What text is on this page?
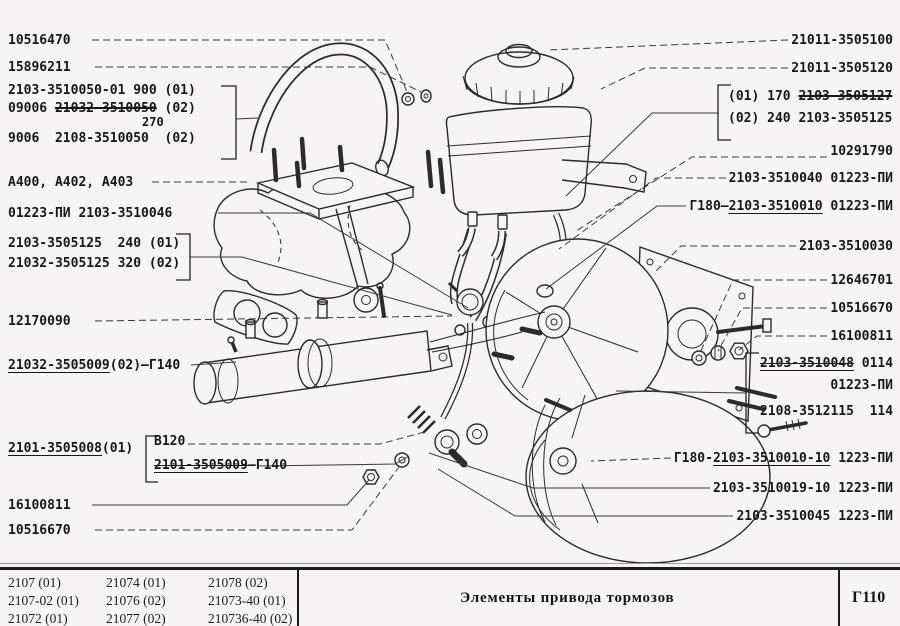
10516470
15896211
2103-3510050-01 900 (01)
09006 21032-3510050 (02)
270
9006  2108-3510050  (02)
A400, A402, A403
01223-ПИ 2103-3510046
2103-3505125  240 (01)
21032-3505125 320 (02)
12170090
21032-3505009(02)—Г140
2101-3505008(01) В120
2101-3505009—Г140
16100811
10516670
21011-3505100
21011-3505120
(01) 170 2103-3505127
(02) 240 2103-3505125
10291790
2103-3510040 01223-ПИ
Г180—2103-3510010 01223-ПИ
2103-3510030
12646701
10516670
16100811
2103-3510048 0114
01223-ПИ
2108-3512115  114
Г180-2103-3510010-10 1223-ПИ
2103-3510019-10 1223-ПИ
2103-3510045 1223-ПИ
2107 (01)
2107-02 (01)
21072 (01)
21074 (01)
21076 (02)
21077 (02)
21078 (02)
21073-40 (01)
210736-40 (02)
Элементы привода тормозов	Г110
